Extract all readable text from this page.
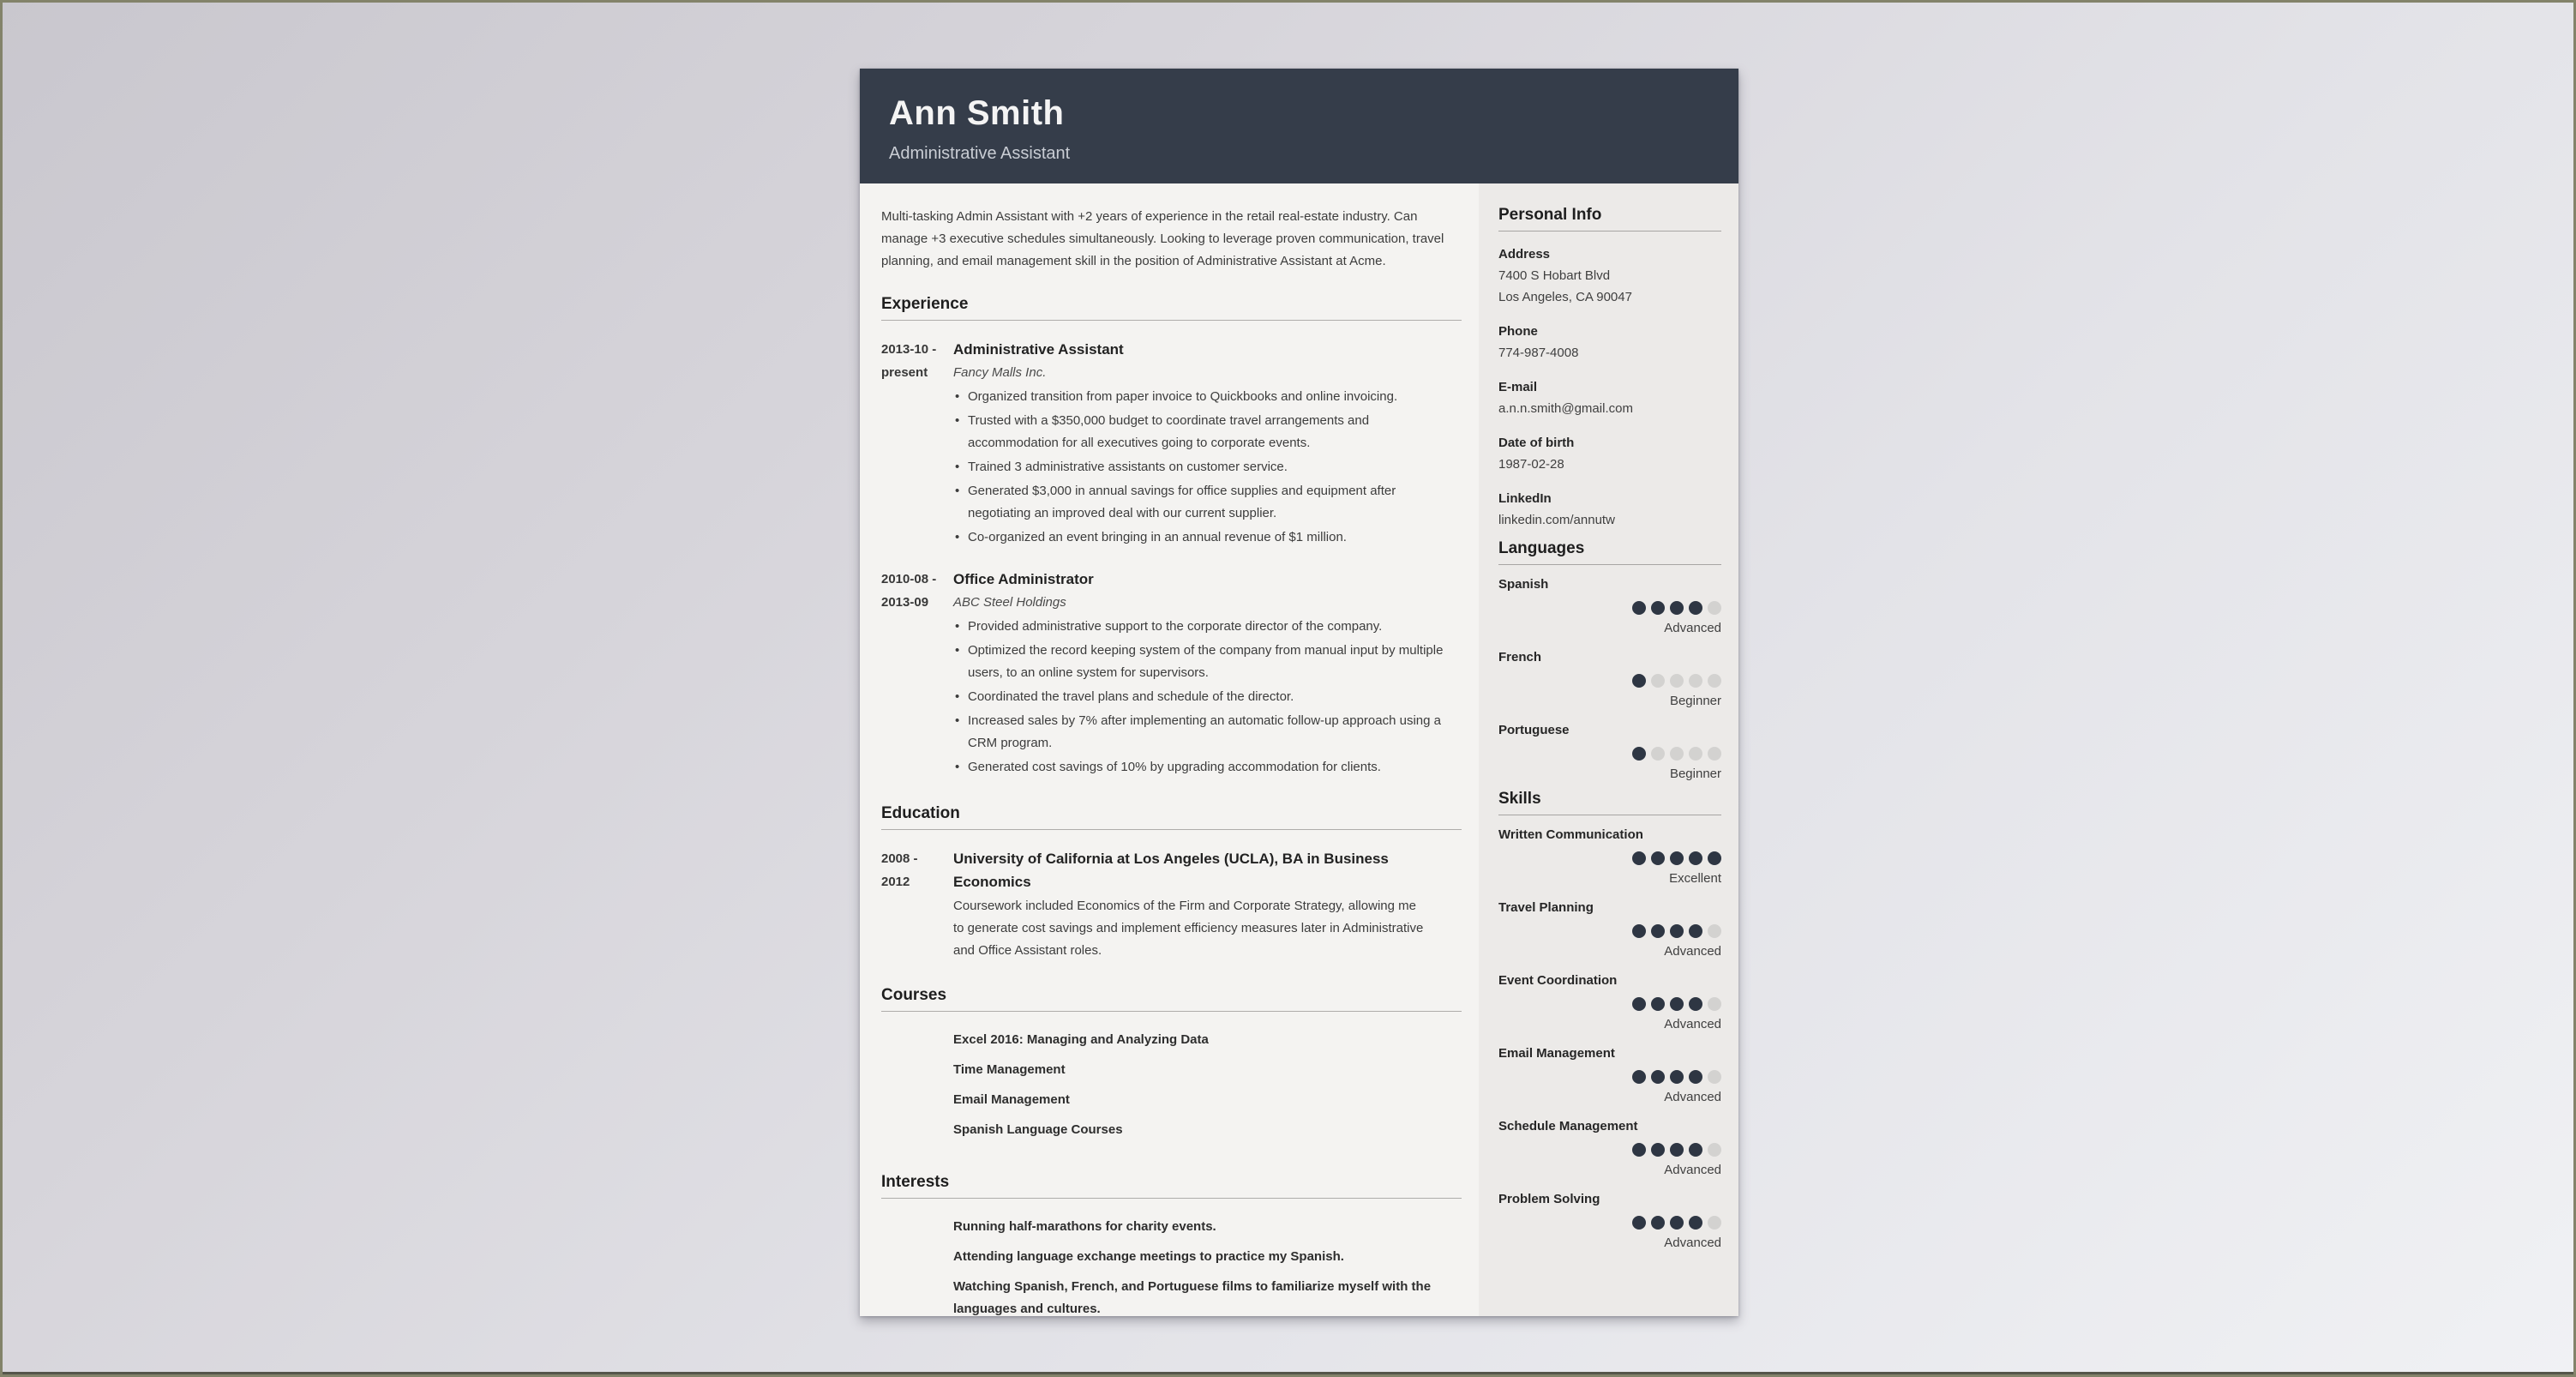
Ann Smith
Administrative Assistant

Multi-tasking Admin Assistant with +2 years of experience in the retail real-estate industry. Can manage +3 executive schedules simultaneously. Looking to leverage proven communication, travel planning, and email management skill in the position of Administrative Assistant at Acme.

Experience
2013-10 -
present
Administrative Assistant
Fancy Malls Inc.
• Organized transition from paper invoice to Quickbooks and online invoicing.
• Trusted with a $350,000 budget to coordinate travel arrangements and accommodation for all executives going to corporate events.
• Trained 3 administrative assistants on customer service.
• Generated $3,000 in annual savings for office supplies and equipment after negotiating an improved deal with our current supplier.
• Co-organized an event bringing in an annual revenue of $1 million.
2010-08 -
2013-09
Office Administrator
ABC Steel Holdings
• Provided administrative support to the corporate director of the company.
• Optimized the record keeping system of the company from manual input by multiple users, to an online system for supervisors.
• Coordinated the travel plans and schedule of the director.
• Increased sales by 7% after implementing an automatic follow-up approach using a CRM program.
• Generated cost savings of 10% by upgrading accommodation for clients.
Education
2008 -
2012
University of California at Los Angeles (UCLA), BA in Business Economics
Coursework included Economics of the Firm and Corporate Strategy, allowing me to generate cost savings and implement efficiency measures later in Administrative and Office Assistant roles.
Courses
Excel 2016: Managing and Analyzing Data
Time Management
Email Management
Spanish Language Courses
Interests
Running half-marathons for charity events.
Attending language exchange meetings to practice my Spanish.
Watching Spanish, French, and Portuguese films to familiarize myself with the languages and cultures.
Personal Info
Address
7400 S Hobart Blvd
Los Angeles, CA 90047
Phone
774-987-4008
E-mail
a.n.n.smith@gmail.com
Date of birth
1987-02-28
LinkedIn
linkedin.com/annutw
Languages
Spanish
Advanced
French
Beginner
Portuguese
Beginner
Skills
Written Communication
Excellent
Travel Planning
Advanced
Event Coordination
Advanced
Email Management
Advanced
Schedule Management
Advanced
Problem Solving
Advanced
